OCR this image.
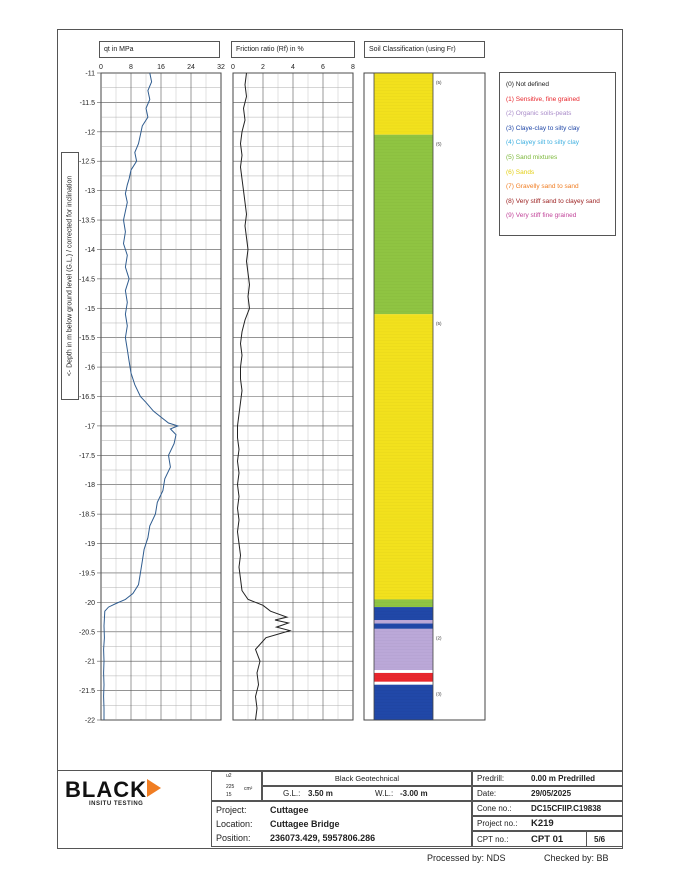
qt in MPa	Friction ratio (Rf) in %	Soil Classification (using Fr)
<- Depth in m below ground level (G.L.) / corrected for inclination
0	8	16	24	32 0	2	4	6	8
(5)
(5)
(5)
(2)
(3)
-11
-11.5
-12
-12.5
-13
-13.5
-14
-14.5
-15
-15.5
-16
-16.5
-17
-17.5
-18
-18.5
-19
-19.5
-20
-20.5
-21
-21.5
-22
(0) Not defined
(1) Sensitive, fine grained
(2) Organic soils-peats
(3) Claye-clay to silty clay
(4) Clayey silt to silty clay
(5) Sand mixtures
(6) Sands
(7) Gravelly sand to sand
(8) Very stiff sand to clayey sand
(9) Very stiff fine grained
BLACK
INSITU TESTING
u2
225
15
cm²
Black Geotechnical
G.L.: 3.50 m	W.L.: -3.00 m
Project:	Cuttagee
Location: Cuttagee Bridge
Position: 236073.429, 5957806.286
Predrill:	0.00 m Predrilled
Date:	29/05/2025
Cone no.: DC15CFIIP.C19838
Project no.: K219
CPT no.: CPT 01	5/6
Processed by: NDS	Checked by: BB
